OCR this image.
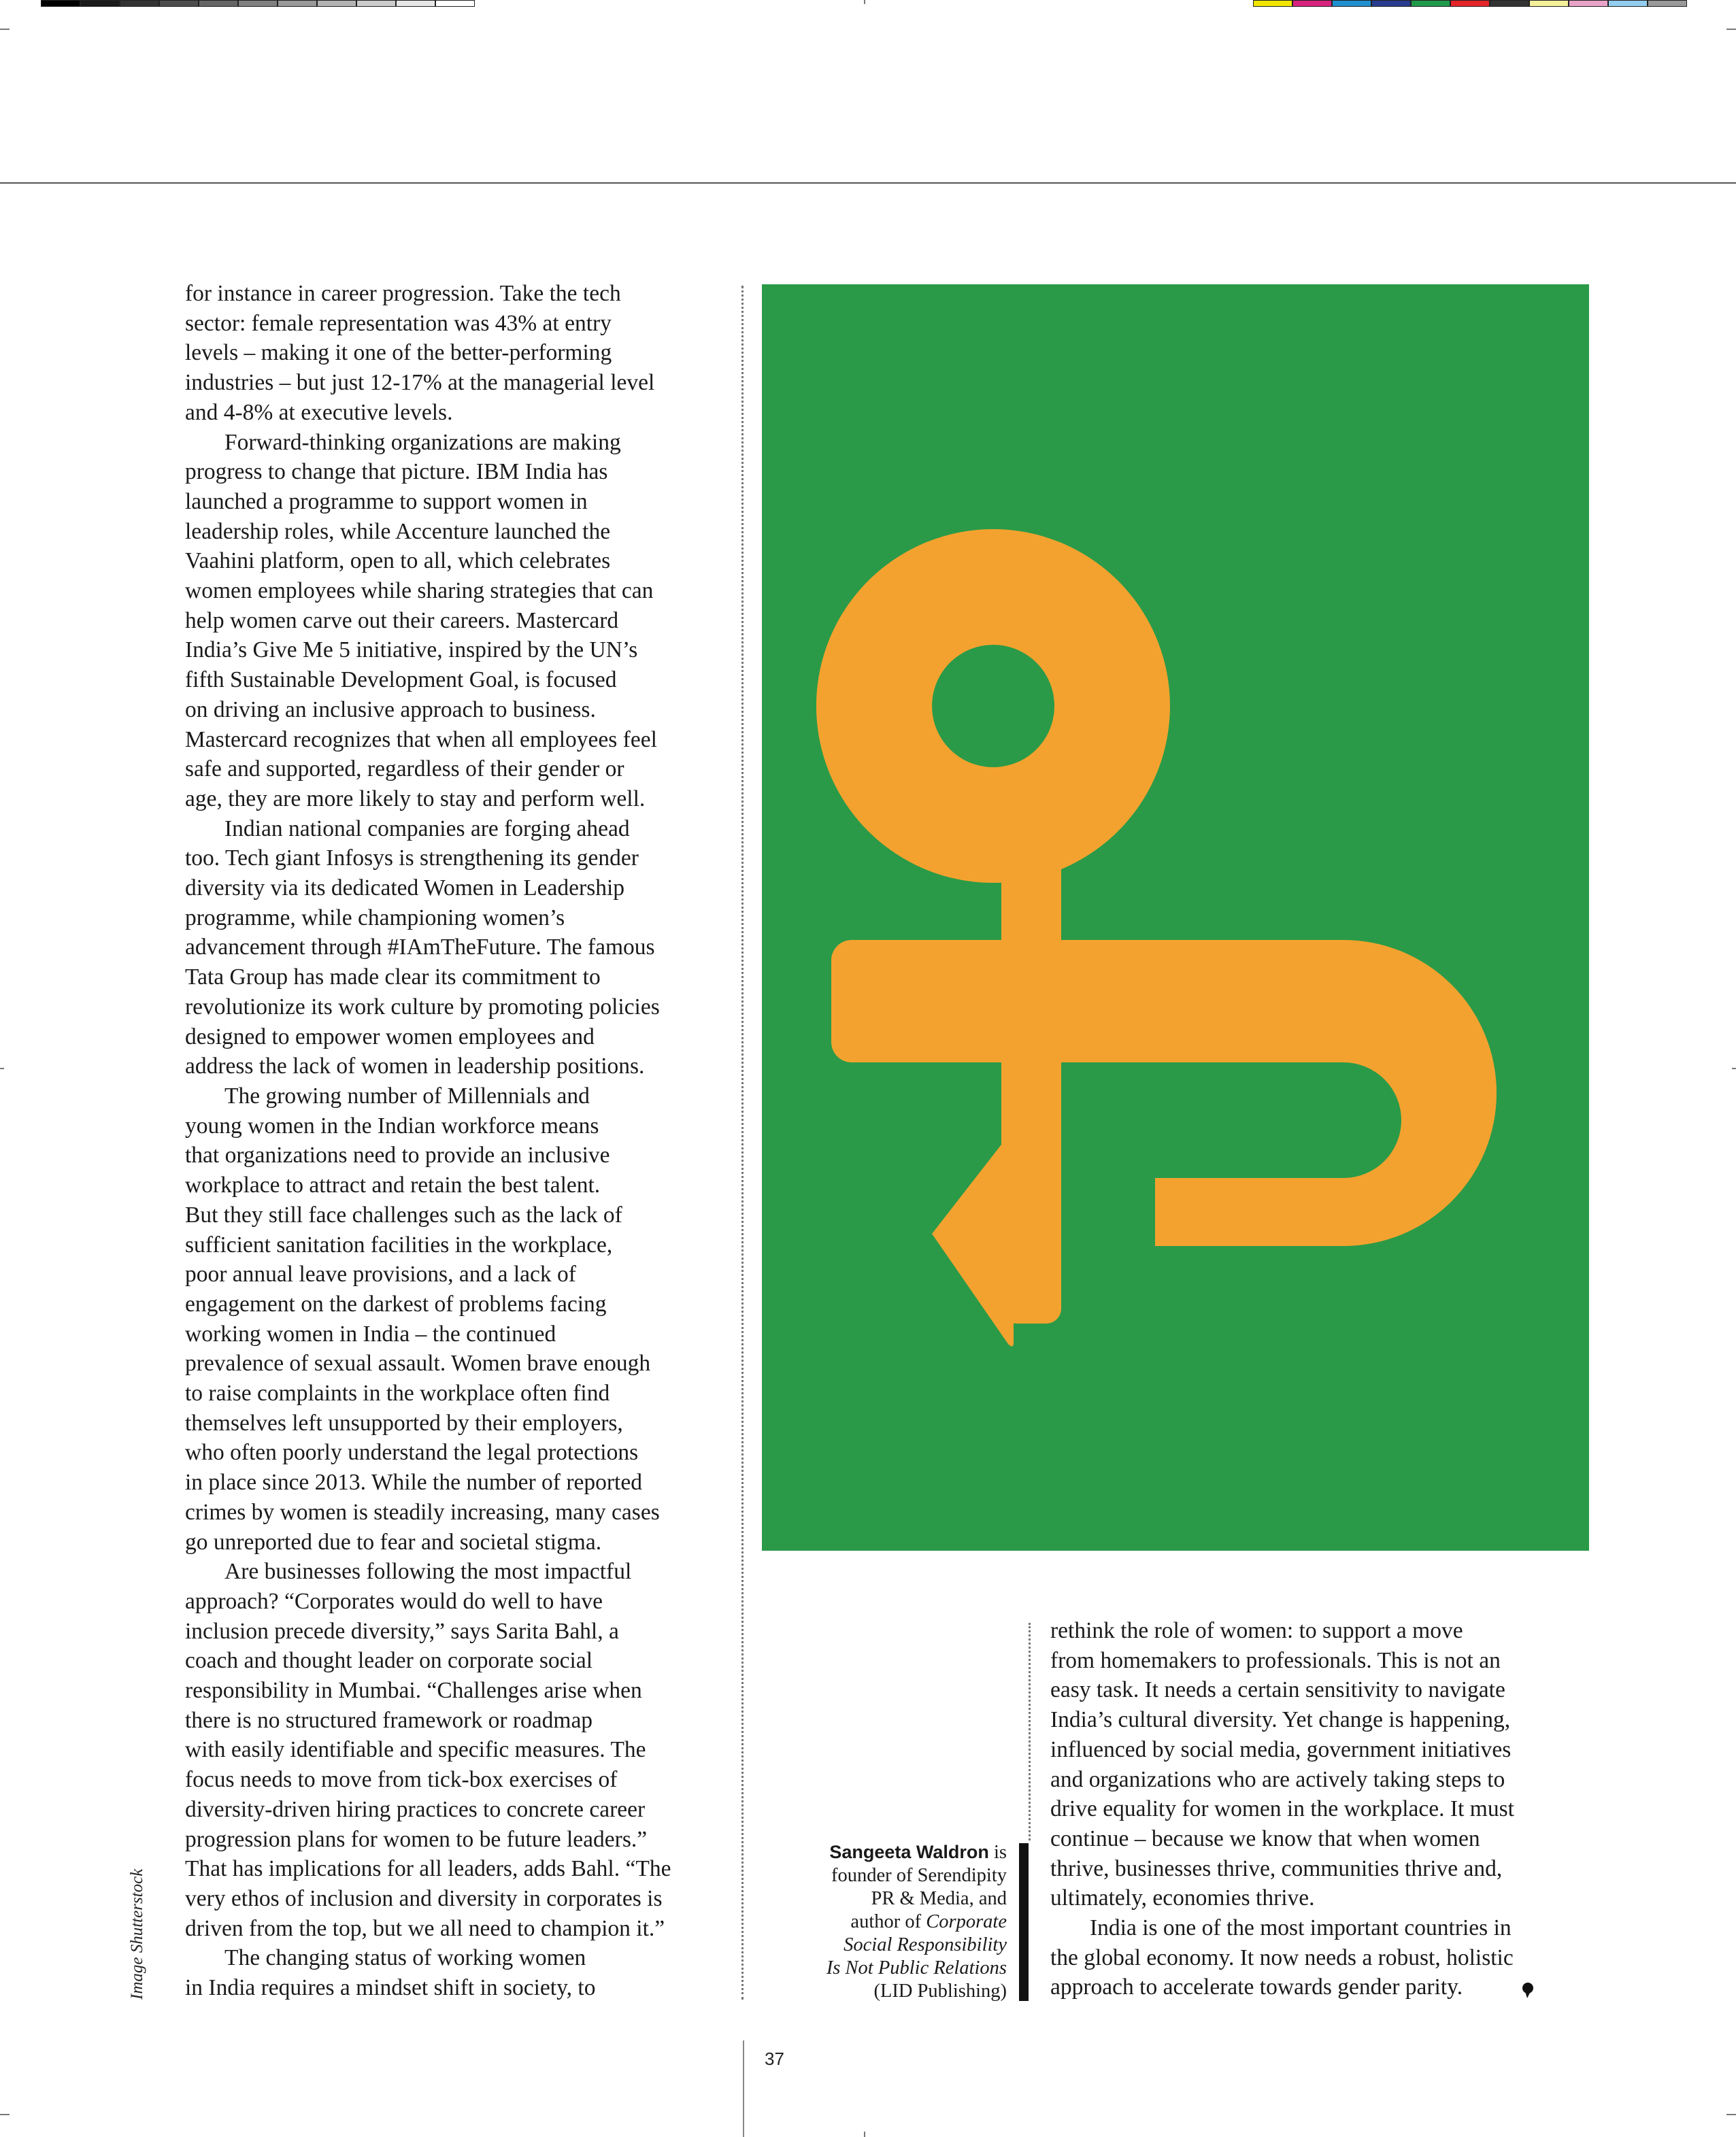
for instance in career progression. Take the tech

sector: female representation was 43% at entry

levels – making it one of the better-performing

industries – but just 12-17% at the managerial level

and 4-8% at executive levels.

Forward-thinking organizations are making

progress to change that picture. IBM India has

launched a programme to support women in

leadership roles, while Accenture launched the

Vaahini platform, open to all, which celebrates

women employees while sharing strategies that can

help women carve out their careers. Mastercard

India’s Give Me 5 initiative, inspired by the UN’s

fifth Sustainable Development Goal, is focused

on driving an inclusive approach to business.

Mastercard recognizes that when all employees feel

safe and supported, regardless of their gender or

age, they are more likely to stay and perform well.

Indian national companies are forging ahead

too. Tech giant Infosys is strengthening its gender

diversity via its dedicated Women in Leadership

programme, while championing women’s

advancement through #IAmTheFuture. The famous

Tata Group has made clear its commitment to

revolutionize its work culture by promoting policies

designed to empower women employees and

address the lack of women in leadership positions.

The growing number of Millennials and

young women in the Indian workforce means

that organizations need to provide an inclusive

workplace to attract and retain the best talent.

But they still face challenges such as the lack of

sufficient sanitation facilities in the workplace,

poor annual leave provisions, and a lack of

engagement on the darkest of problems facing

working women in India – the continued

prevalence of sexual assault. Women brave enough

to raise complaints in the workplace often find

themselves left unsupported by their employers,

who often poorly understand the legal protections

in place since 2013. While the number of reported

crimes by women is steadily increasing, many cases

go unreported due to fear and societal stigma.

Are businesses following the most impactful

approach? “Corporates would do well to have

inclusion precede diversity,” says Sarita Bahl, a

coach and thought leader on corporate social

responsibility in Mumbai. “Challenges arise when

there is no structured framework or roadmap

with easily identifiable and specific measures. The

focus needs to move from tick-box exercises of

diversity-driven hiring practices to concrete career

progression plans for women to be future leaders.”

That has implications for all leaders, adds Bahl. “The

very ethos of inclusion and diversity in corporates is

driven from the top, but we all need to champion it.”

The changing status of working women

in India requires a mindset shift in society, to

Sangeeta Waldron is
founder of Serendipity
PR & Media, and
author of Corporate
Social Responsibility
Is Not Public Relations
(LID Publishing)

rethink the role of women: to support a move

from homemakers to professionals. This is not an

easy task. It needs a certain sensitivity to navigate

India’s cultural diversity. Yet change is happening,

influenced by social media, government initiatives

and organizations who are actively taking steps to

drive equality for women in the workplace. It must

continue – because we know that when women

thrive, businesses thrive, communities thrive and,

ultimately, economies thrive.

India is one of the most important countries in

the global economy. It now needs a robust, holistic

approach to accelerate towards gender parity.

Image Shutterstock
37
